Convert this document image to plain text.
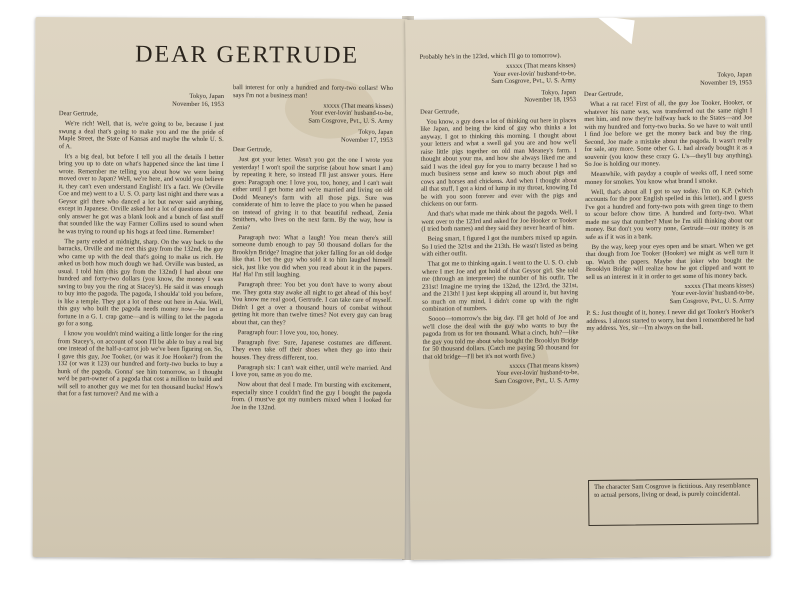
DEAR GERTRUDE
Tokyo, Japan
November 16, 1953

Dear Gertrude,

We're rich! Well, that is, we're going to be, because I just swung a deal that's going to make you and me the pride of Maple Street, the State of Kansas and maybe the whole U. S. of A.

It's a big deal, but before I tell you all the details I better bring you up to date on what's happened since the last time I wrote. Remember me telling you about how we were being moved over to Japan? Well, we're here, and would you believe it, they can't even understand English! It's a fact. We (Orville Coe and me) went to a U. S. O. party last night and there was a Geysor girl there who danced a lot but never said anything, except in Japanese. Orville asked her a lot of questions and the only answer he got was a blank look and a bunch of fast stuff that sounded like the way Farmer Collins used to sound when he was trying to round up his hogs at feed time. Remember!

The party ended at midnight, sharp. On the way back to the barracks, Orville and me met this guy from the 132nd, the guy who came up with the deal that's going to make us rich. He asked us both how much dough we had. Orville was busted, as usual. I told him (this guy from the 132nd) I had about one hundred and forty-two dollars (you know, the money I was saving to buy you the ring at Stacey's). He said it was enough to buy into the pagoda. The pagoda, I shoulda' told you before, is like a temple. They got a lot of these out here in Asia. Well, this guy who built the pagoda needs money now—he lost a fortune in a G. I. crap game—and is willing to let the pagoda go for a song.

I know you wouldn't mind waiting a little longer for the ring from Stacey's, on account of soon I'll be able to buy a real big one instead of the half-a-carrot job we've been figuring on. So, I gave this guy, Joe Tooker, (or was it Joe Hooker?) from the 132 (or was it 123) our hundred and forty-two bucks to buy a hunk of the pagoda. Gonna' see him tomorrow, so I thought we'd be part-owner of a pagoda that cost a million to build and will sell to another guy we met for ten thousand bucks! How's that for a fast turnover? And me with a

ball interest for only a hundred and forty-two collars! Who says I'm not a business man!

xxxxx (That means kisses)
Your ever-lovin' husband-to-be,
Sam Cosgrove, Pvt., U. S. Army
Tokyo, Japan
November 17, 1953

Dear Gertrude,

Just got your letter. Wasn't you got the one I wrote you yesterday! I won't spoil the surprise (about how smart I am) by repeating it here, so instead I'll just answer yours. Here goes: Paragraph one: I love you, too, honey, and I can't wait either until I get home and we're married and living on old Dodd Meaney's farm with all those pigs. Sure was considerate of him to leave the place to you when he passed on instead of giving it to that beautiful redhead, Zenia Smithers, who lives on the next farm. By the way, how is Zenia?

Paragraph two: What a laugh! You mean there's still someone dumb enough to pay 50 thousand dollars for the Brooklyn Bridge? Imagine that joker falling for an old dodge like that. I bet the guy who sold it to him laughed himself sick, just like you did when you read about it in the papers. Ha! Ha! I'm still laughing.

Paragraph three: You bet you don't have to worry about me. They gotta stay awake all night to get ahead of this boy! You know me real good, Gertrude. I can take care of myself. Didn't I get a over a thousand hours of combat without getting hit more than twelve times? Not every guy can brag about that, can they?

Paragraph four: I love you, too, honey.

Paragraph five: Sure, Japanese costumes are different. They even take off their shoes when they go into their houses. They dress different, too.

Paragraph six: I can't wait either, until we're married. And I love you, same as you do me.

Now about that deal I made. I'm bursting with excitement, especially since I couldn't find the guy I bought the pagoda from. (I must've got my numbers mixed when I looked for Joe in the 132nd.

Probably he's in the 123rd, which I'll go to tomorrow).

xxxxx (That means kisses)
Your ever-lovin' husband-to-be,
Sam Cosgrove, Pvt., U. S. Army
Tokyo, Japan
November 18, 1953

Dear Gertrude,

You know, a guy does a lot of thinking out here in places like Japan, and being the kind of guy who thinks a lot anyway, I got to thinking this morning. I thought about your letters and what a swell gal you are and how we'll raise little pigs together on old man Meaney's farm. I thought about your ma, and how she always liked me and said I was the ideal guy for you to marry because I had so much business sense and knew so much about pigs and cows and horses and chickens. And when I thought about all that stuff, I got a kind of lump in my throat, knowing I'd be with you soon forever and ever with the pigs and chickens on our farm.

And that's what made me think about the pagoda. Well, I went over to the 123rd and asked for Joe Hooker or Tooker (I tried both names) and they said they never heard of him.

Being smart, I figured I got the numbers mixed up again. So I tried the 321st and the 213th. He wasn't listed as being with either outfit.

That got me to thinking again. I went to the U. S. O. club where I met Joe and got hold of that Geysor girl. She told me (through an interpreter) the number of his outfit. The 231st! Imagine me trying the 132nd, the 123rd, the 321st, and the 213th! I just kept skipping all around it, but having so much on my mind, I didn't come up with the right combination of numbers.

Soooo—tomorrow's the big day. I'll get hold of Joe and we'll close the deal with the guy who wants to buy the pagoda from us for ten thousand. What a cinch, huh?—like the guy you told me about who bought the Brooklyn Bridge for 50 thousand dollars. (Catch me paying 50 thousand for that old bridge—I'll bet it's not worth five.)

xxxxx (That means kisses)
Your ever-lovin' husband-to-be,
Sam Cosgrove, Pvt., U. S. Army
Tokyo, Japan
November 19, 1953

Dear Gertrude,

What a rat race! First of all, the guy Joe Tooker, Hooker, or whatever his name was, was transferred out the same night I met him, and now they're halfway back to the States—and Joe with my hundred and forty-two bucks. So we have to wait until I find Joe before we get the money back and buy the ring. Second, Joe made a mistake about the pagoda. It wasn't really for sale, any more. Some other G. I. had already bought it as a souvenir (you know these crazy G. I.'s—they'll buy anything). So Joe is holding our money.

Meanwhile, with payday a couple of weeks off, I need some money for smokes. You know what brand I smoke.

Well, that's about all I got to say today. I'm on K.P. (which accounts for the poor English spelled in this letter), and I guess I've got a hundred and forty-two pots with green tinge to them to scour before chow time. A hundred and forty-two. What made me say that number? Must be I'm still thinking about our money. But don't you worry none, Gertrude—our money is as safe as if it was in a bank.

By the way, keep your eyes open and be smart. When we get that dough from Joe Tooker (Hooker) we might as well turn it up. Watch the papers. Maybe that joker who bought the Brooklyn Bridge will realize how he got clipped and want to sell us an interest in it in order to get some of his money back.

xxxxx (That means kisses)
Your ever-lovin' husband-to-be,
Sam Cosgrove, Pvt., U. S. Army

P. S.: Just thought of it, honey. I never did get Tooker's Hooker's address. I almost started to worry, but then I remembered he had my address. Yes, sir—I'm always on the ball.

The character Sam Cosgrove is fictitious. Any resemblance to actual persons, living or dead, is purely coincidental.
